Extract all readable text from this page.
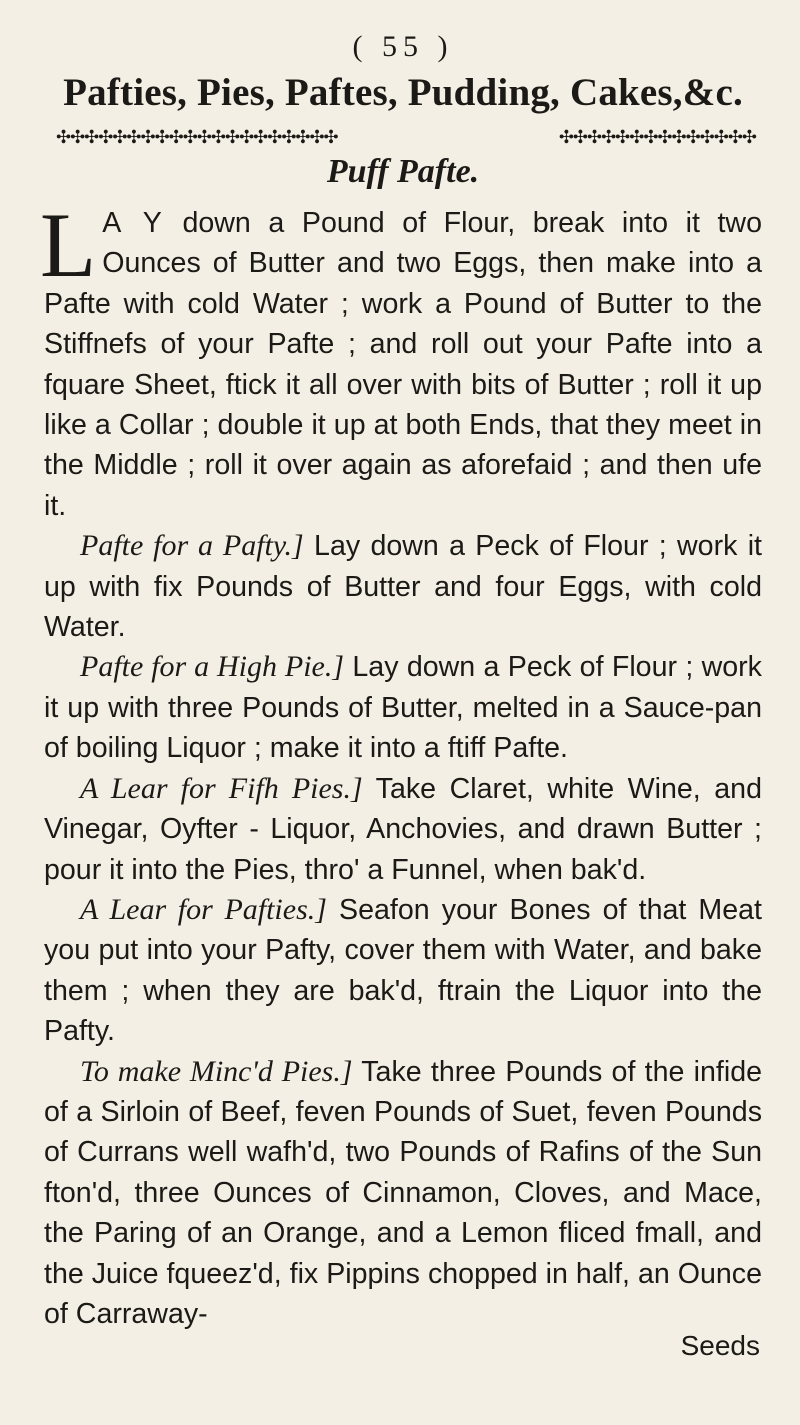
( 55 )
Pafties, Pies, Paftes, Pudding, Cakes,&c.
✣✣✣✣✣✣✣✣✣✣✣✣✣✣✣✣✣✣✣✣	✣✣✣✣✣✣✣✣✣✣✣✣✣✣
Puff Pafte.

L A Y down a Pound of Flour, break into it two Ounces of Butter and two Eggs, then make into a Pafte with cold Water ; work a Pound of Butter to the Stiffnefs of your Pafte ; and roll out your Pafte into a fquare Sheet, ftick it all over with bits of Butter ; roll it up like a Collar ; double it up at both Ends, that they meet in the Middle ; roll it over again as aforefaid ; and then ufe it.

Pafte for a Pafty.] Lay down a Peck of Flour ; work it up with fix Pounds of Butter and four Eggs, with cold Water.

Pafte for a High Pie.] Lay down a Peck of Flour ; work it up with three Pounds of Butter, melted in a Sauce-pan of boiling Liquor ; make it into a ftiff Pafte.

A Lear for Fifh Pies.] Take Claret, white Wine, and Vinegar, Oyfter - Liquor, Anchovies, and drawn Butter ; pour it into the Pies, thro' a Funnel, when bak'd.

A Lear for Pafties.] Seafon your Bones of that Meat you put into your Pafty, cover them with Water, and bake them ; when they are bak'd, ftrain the Liquor into the Pafty.

To make Minc'd Pies.] Take three Pounds of the infide of a Sirloin of Beef, feven Pounds of Suet, feven Pounds of Currans well wafh'd, two Pounds of Rafins of the Sun fton'd, three Ounces of Cinnamon, Cloves, and Mace, the Paring of an Orange, and a Lemon fliced fmall, and the Juice fqueez'd, fix Pippins chopped in half, an Ounce of Carraway-

Seeds
